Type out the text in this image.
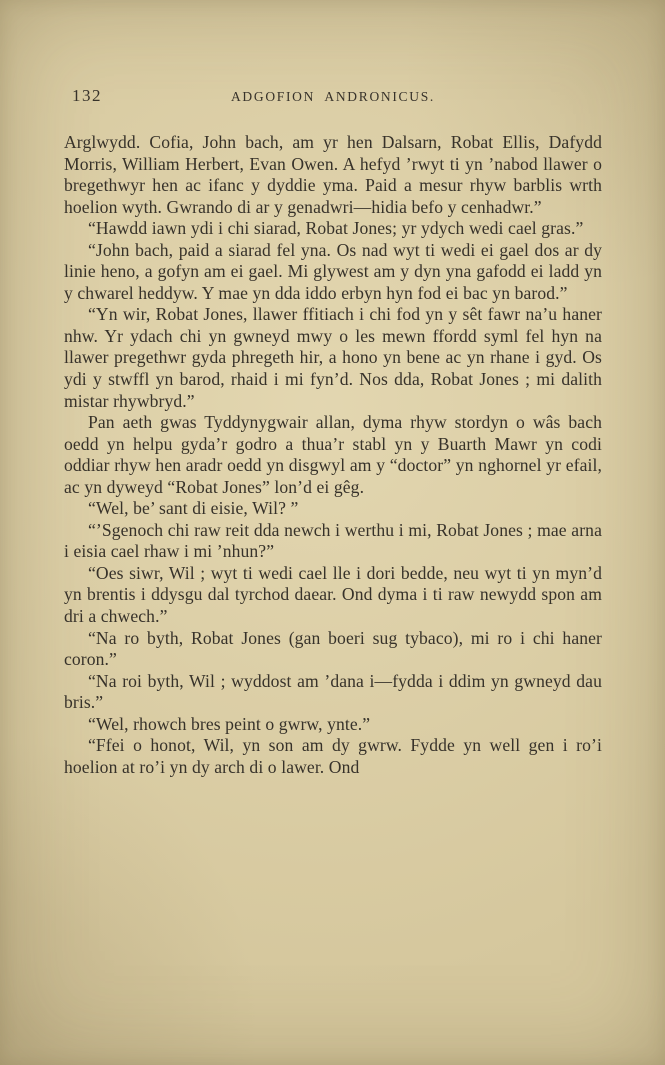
132	ADGOFION ANDRONICUS.

Arglwydd. Cofia, John bach, am yr hen Dalsarn, Robat Ellis, Dafydd Morris, William Herbert, Evan Owen. A hefyd ’rwyt ti yn ’nabod llawer o bregethwyr hen ac ifanc y dyddie yma. Paid a mesur rhyw barblis wrth hoelion wyth. Gwrando di ar y genadwri—hidia befo y cenhadwr.”

“Hawdd iawn ydi i chi siarad, Robat Jones; yr ydych wedi cael gras.”

“John bach, paid a siarad fel yna. Os nad wyt ti wedi ei gael dos ar dy linie heno, a gofyn am ei gael. Mi glywest am y dyn yna gafodd ei ladd yn y chwarel heddyw. Y mae yn dda iddo erbyn hyn fod ei bac yn barod.”

“Yn wir, Robat Jones, llawer ffitiach i chi fod yn y sêt fawr na’u haner nhw. Yr ydach chi yn gwneyd mwy o les mewn ffordd syml fel hyn na llawer pregethwr gyda phregeth hir, a hono yn bene ac yn rhane i gyd. Os ydi y stwffl yn barod, rhaid i mi fyn’d. Nos dda, Robat Jones ; mi dalith mistar rhywbryd.”

Pan aeth gwas Tyddynygwair allan, dyma rhyw stordyn o wâs bach oedd yn helpu gyda’r godro a thua’r stabl yn y Buarth Mawr yn codi oddiar rhyw hen aradr oedd yn disgwyl am y “doctor” yn nghornel yr efail, ac yn dyweyd “Robat Jones” lon’d ei gêg.

“Wel, be’ sant di eisie, Wil? ”

“’Sgenoch chi raw reit dda newch i werthu i mi, Robat Jones ; mae arna i eisia cael rhaw i mi ’nhun?”

“Oes siwr, Wil ; wyt ti wedi cael lle i dori bedde, neu wyt ti yn myn’d yn brentis i ddysgu dal tyrchod daear. Ond dyma i ti raw newydd spon am dri a chwech.”

“Na ro byth, Robat Jones (gan boeri sug tybaco), mi ro i chi haner coron.”

“Na roi byth, Wil ; wyddost am ’dana i—fydda i ddim yn gwneyd dau bris.”

“Wel, rhowch bres peint o gwrw, ynte.”

“Ffei o honot, Wil, yn son am dy gwrw. Fydde yn well gen i ro’i hoelion at ro’i yn dy arch di o lawer. Ond
